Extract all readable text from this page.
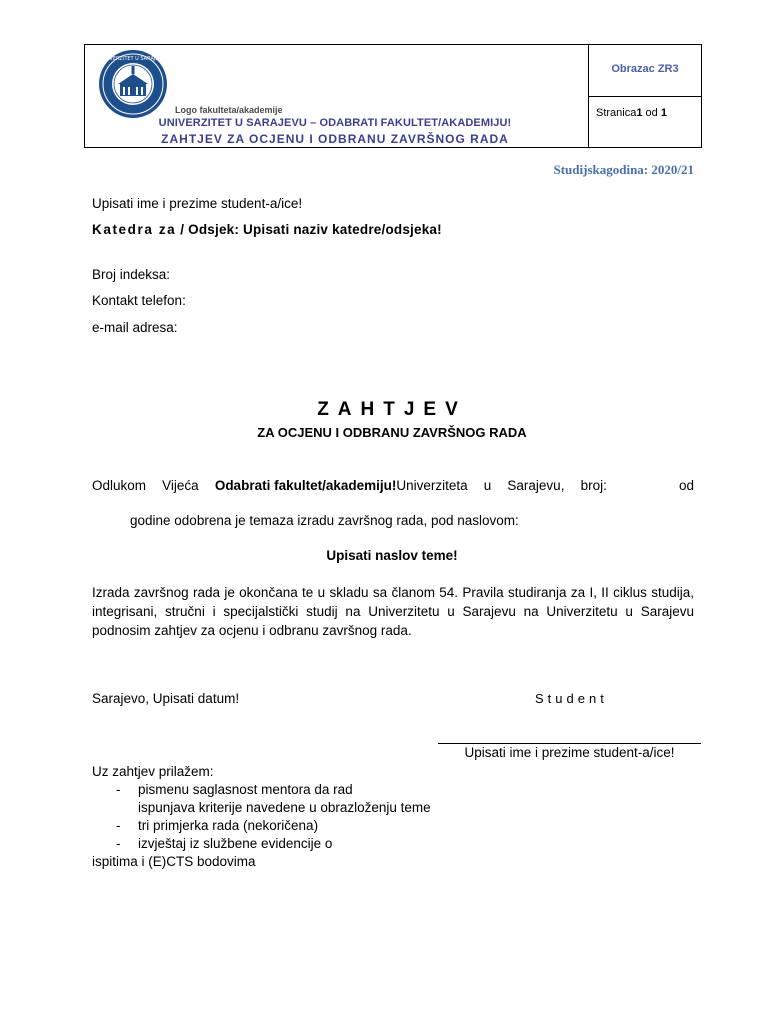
UNIVERZITET U SARAJEVU
Logo fakulteta/akademije
UNIVERZITET U SARAJEVU – ODABRATI FAKULTET/AKADEMIJU!
ZAHTJEV ZA OCJENU I ODBRANU ZAVRŠNOG RADA
Obrazac ZR3
Stranica1 od 1
Studijskagodina: 2020/21
Upisati ime i prezime student-a/ice!
Katedra za / Odsjek: Upisati naziv katedre/odsjeka!
Broj indeksa:
Kontakt telefon:
e-mail adresa:
ZAHTJEV
ZA OCJENU I ODBRANU ZAVRŠNOG RADA
Odlukom Vijeća Odabrati fakultet/akademiju!Univerziteta u Sarajevu, broj:	od
godine odobrena je temaza izradu završnog rada, pod naslovom:
Upisati naslov teme!
Izrada završnog rada je okončana te u skladu sa članom 54. Pravila studiranja za I, II ciklus studija, integrisani, stručni i specijalstički studij na Univerzitetu u Sarajevu na Univerzitetu u Sarajevu podnosim zahtjev za ocjenu i odbranu završnog rada.
Sarajevo, Upisati datum!	Student
Upisati ime i prezime student-a/ice!
Uz zahtjev prilažem:
- pismenu saglasnost mentora da rad
ispunjava kriterije navedene u obrazloženju teme
- tri primjerka rada (nekoričena)
- izvještaj iz službene evidencije o
ispitima i (E)CTS bodovima
